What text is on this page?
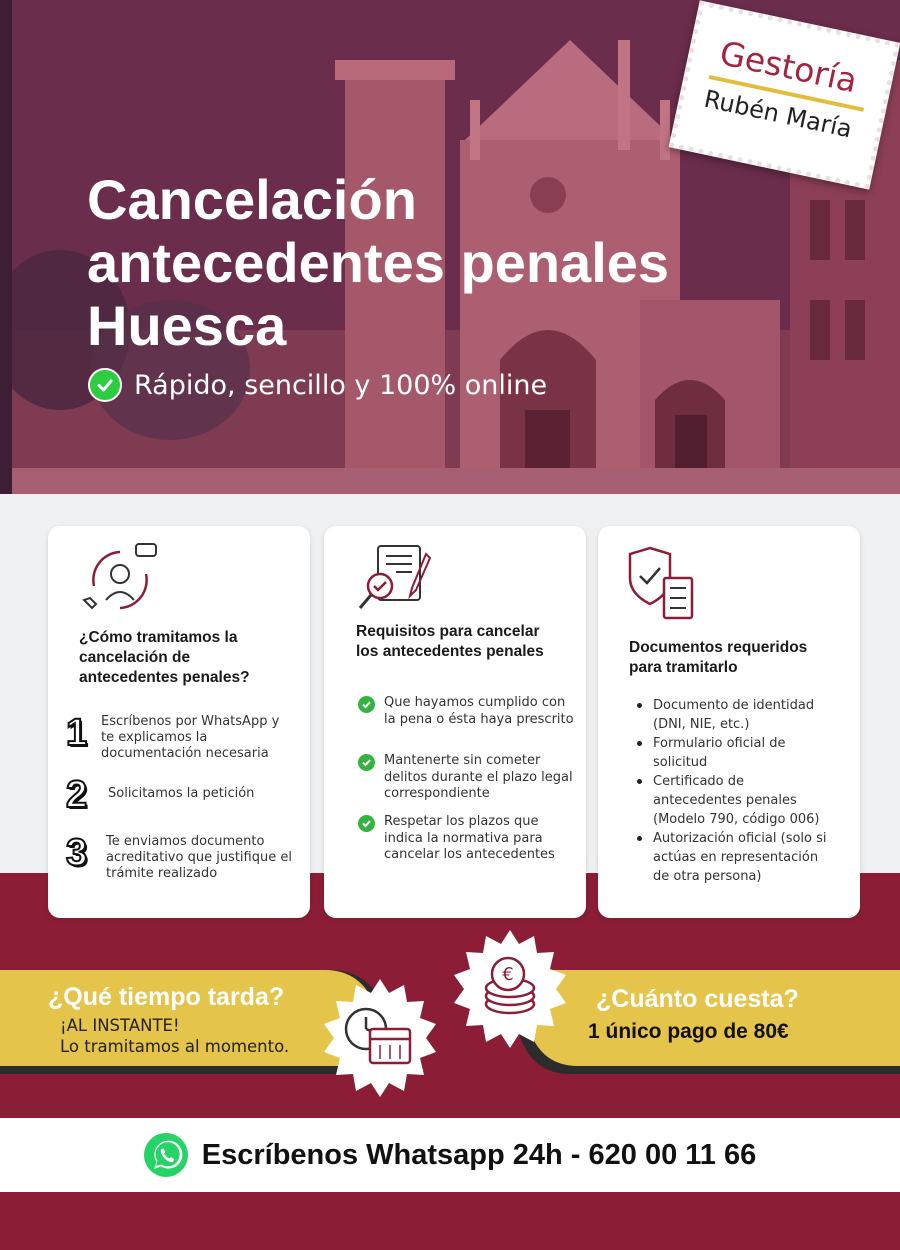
Cancelación
antecedentes penales
Huesca
Rápido, sencillo y 100% online
Gestoría
Rubén María
¿Cómo tramitamos la cancelación de antecedentes penales?
1	Escríbenos por WhatsApp y te explicamos la documentación necesaria
2	Solicitamos la petición
3	Te enviamos documento acreditativo que justifique el trámite realizado
Requisitos para cancelar los antecedentes penales
Que hayamos cumplido con la pena o ésta haya prescrito
Mantenerte sin cometer delitos durante el plazo legal correspondiente
Respetar los plazos que indica la normativa para cancelar los antecedentes
Documentos requeridos para tramitarlo
Documento de identidad (DNI, NIE, etc.)
Formulario oficial de solicitud
Certificado de antecedentes penales (Modelo 790, código 006)
Autorización oficial (solo si actúas en representación de otra persona)
¿Qué tiempo tarda?
¡AL INSTANTE!
Lo tramitamos al momento.
¿Cuánto cuesta?
1 único pago de 80€
€
Escríbenos Whatsapp 24h - 620 00 11 66
